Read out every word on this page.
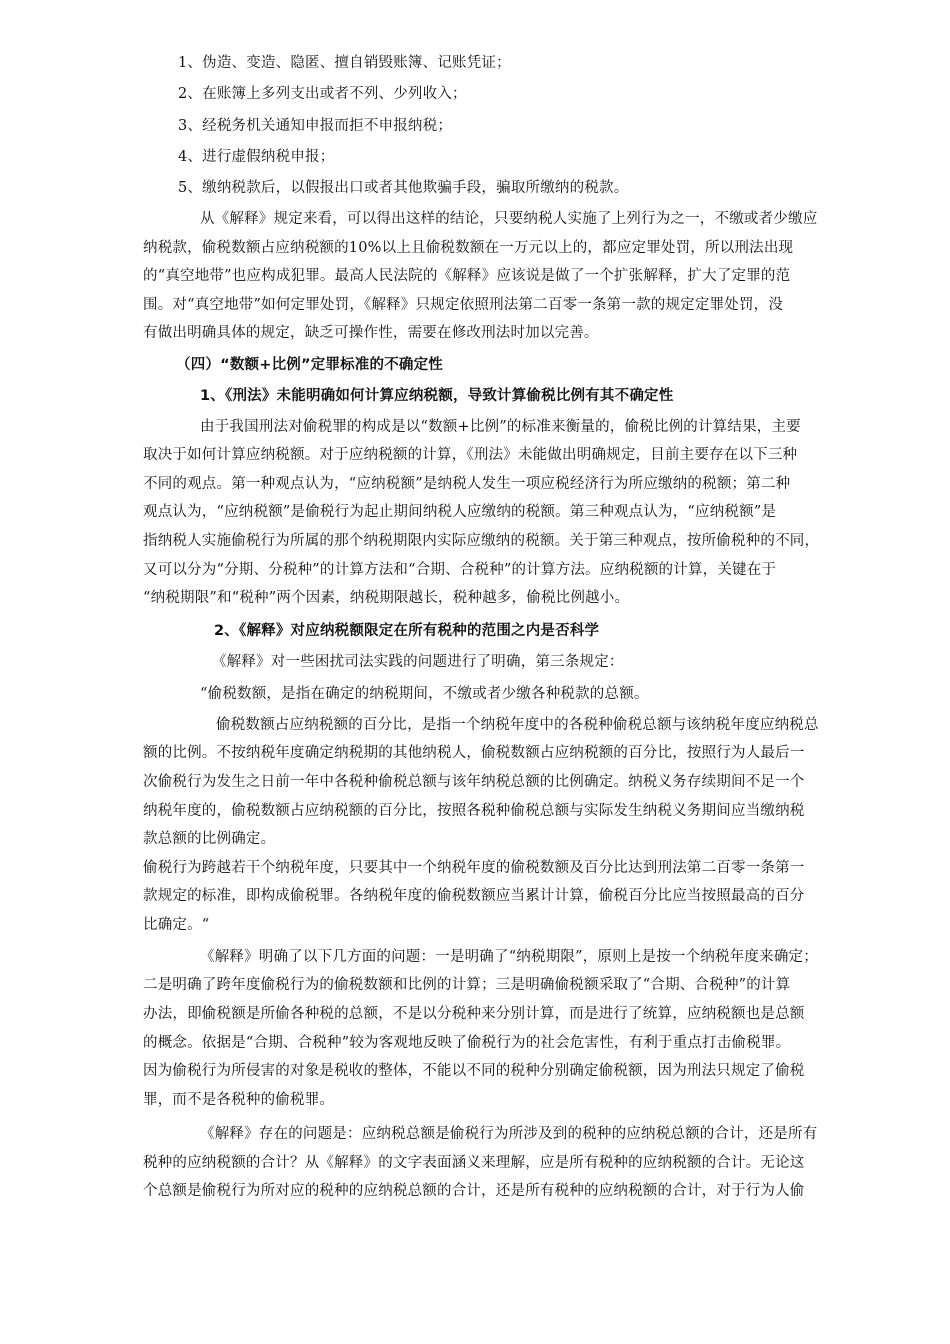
1、伪造、变造、隐匿、擅自销毁账簿、记账凭证；
2、在账簿上多列支出或者不列、少列收入；
3、经税务机关通知申报而拒不申报纳税；
4、进行虚假纳税申报；
5、缴纳税款后，以假报出口或者其他欺骗手段，骗取所缴纳的税款。
从《解释》规定来看，可以得出这样的结论，只要纳税人实施了上列行为之一，不缴或者少缴应
纳税款，偷税数额占应纳税额的10%以上且偷税数额在一万元以上的，都应定罪处罚，所以刑法出现
的“真空地带”也应构成犯罪。最高人民法院的《解释》应该说是做了一个扩张解释，扩大了定罪的范
围。对“真空地带”如何定罪处罚，《解释》只规定依照刑法第二百零一条第一款的规定定罪处罚，没
有做出明确具体的规定，缺乏可操作性，需要在修改刑法时加以完善。
（四）“数额+比例”定罪标准的不确定性
1、《刑法》未能明确如何计算应纳税额，导致计算偷税比例有其不确定性
由于我国刑法对偷税罪的构成是以“数额+比例”的标准来衡量的，偷税比例的计算结果，主要
取决于如何计算应纳税额。对于应纳税额的计算，《刑法》未能做出明确规定，目前主要存在以下三种
不同的观点。第一种观点认为，“应纳税额”是纳税人发生一项应税经济行为所应缴纳的税额；第二种
观点认为，“应纳税额”是偷税行为起止期间纳税人应缴纳的税额。第三种观点认为，“应纳税额”是
指纳税人实施偷税行为所属的那个纳税期限内实际应缴纳的税额。关于第三种观点，按所偷税种的不同，
又可以分为“分期、分税种”的计算方法和“合期、合税种”的计算方法。应纳税额的计算，关键在于
“纳税期限”和“税种”两个因素，纳税期限越长，税种越多，偷税比例越小。
2、《解释》对应纳税额限定在所有税种的范围之内是否科学
《解释》对一些困扰司法实践的问题进行了明确，第三条规定：
“偷税数额，是指在确定的纳税期间，不缴或者少缴各种税款的总额。
偷税数额占应纳税额的百分比，是指一个纳税年度中的各税种偷税总额与该纳税年度应纳税总
额的比例。不按纳税年度确定纳税期的其他纳税人，偷税数额占应纳税额的百分比，按照行为人最后一
次偷税行为发生之日前一年中各税种偷税总额与该年纳税总额的比例确定。纳税义务存续期间不足一个
纳税年度的，偷税数额占应纳税额的百分比，按照各税种偷税总额与实际发生纳税义务期间应当缴纳税
款总额的比例确定。
偷税行为跨越若干个纳税年度，只要其中一个纳税年度的偷税数额及百分比达到刑法第二百零一条第一
款规定的标准，即构成偷税罪。各纳税年度的偷税数额应当累计计算，偷税百分比应当按照最高的百分
比确定。“
《解释》明确了以下几方面的问题：一是明确了“纳税期限”，原则上是按一个纳税年度来确定；
二是明确了跨年度偷税行为的偷税数额和比例的计算；三是明确偷税额采取了“合期、合税种”的计算
办法，即偷税额是所偷各种税的总额，不是以分税种来分别计算，而是进行了统算，应纳税额也是总额
的概念。依据是“合期、合税种”较为客观地反映了偷税行为的社会危害性，有利于重点打击偷税罪。
因为偷税行为所侵害的对象是税收的整体，不能以不同的税种分别确定偷税额，因为刑法只规定了偷税
罪，而不是各税种的偷税罪。
《解释》存在的问题是：应纳税总额是偷税行为所涉及到的税种的应纳税总额的合计，还是所有
税种的应纳税额的合计？从《解释》的文字表面涵义来理解，应是所有税种的应纳税额的合计。无论这
个总额是偷税行为所对应的税种的应纳税总额的合计，还是所有税种的应纳税额的合计，对于行为人偷
